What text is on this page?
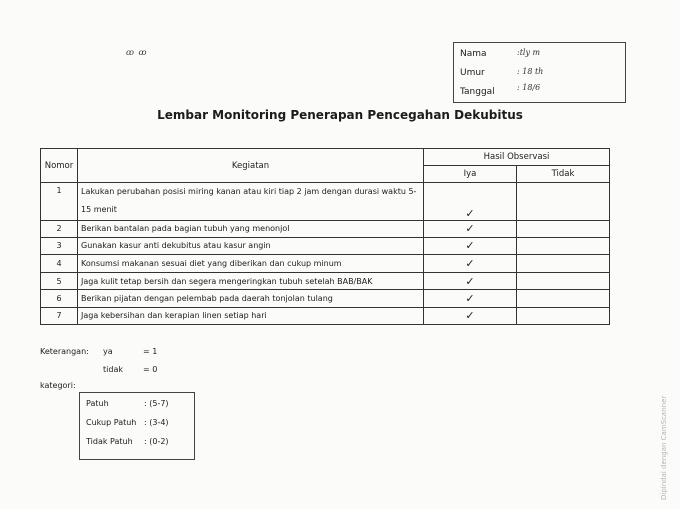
ꝏ ꝏ	Nama	:tly m
Umur	: 18 th
Tanggal	: 18/6
Lembar Monitoring Penerapan Pencegahan Dekubitus
Nomor	Kegiatan	Hasil Observasi	
		Iya	Tidak
1	Lakukan perubahan posisi miring kanan atau kiri tiap 2 jam dengan durasi waktu 5-15 menit	✓	
2	Berikan bantalan pada bagian tubuh yang menonjol	✓	
3	Gunakan kasur anti dekubitus atau kasur angin	✓	
4	Konsumsi makanan sesuai diet yang diberikan dan cukup minum	✓	
5	Jaga kulit tetap bersih dan segera mengeringkan tubuh setelah BAB/BAK	✓	
6	Berikan pijatan dengan pelembab pada daerah tonjolan tulang	✓	
7	Jaga kebersihan dan kerapian linen setiap hari	✓	
Keterangan: ya	= 1
tidak	= 0
kategori:
Patuh	: (5-7)
Cukup Patuh : (3-4)
Tidak Patuh : (0-2)	Dipindai dengan CamScanner
